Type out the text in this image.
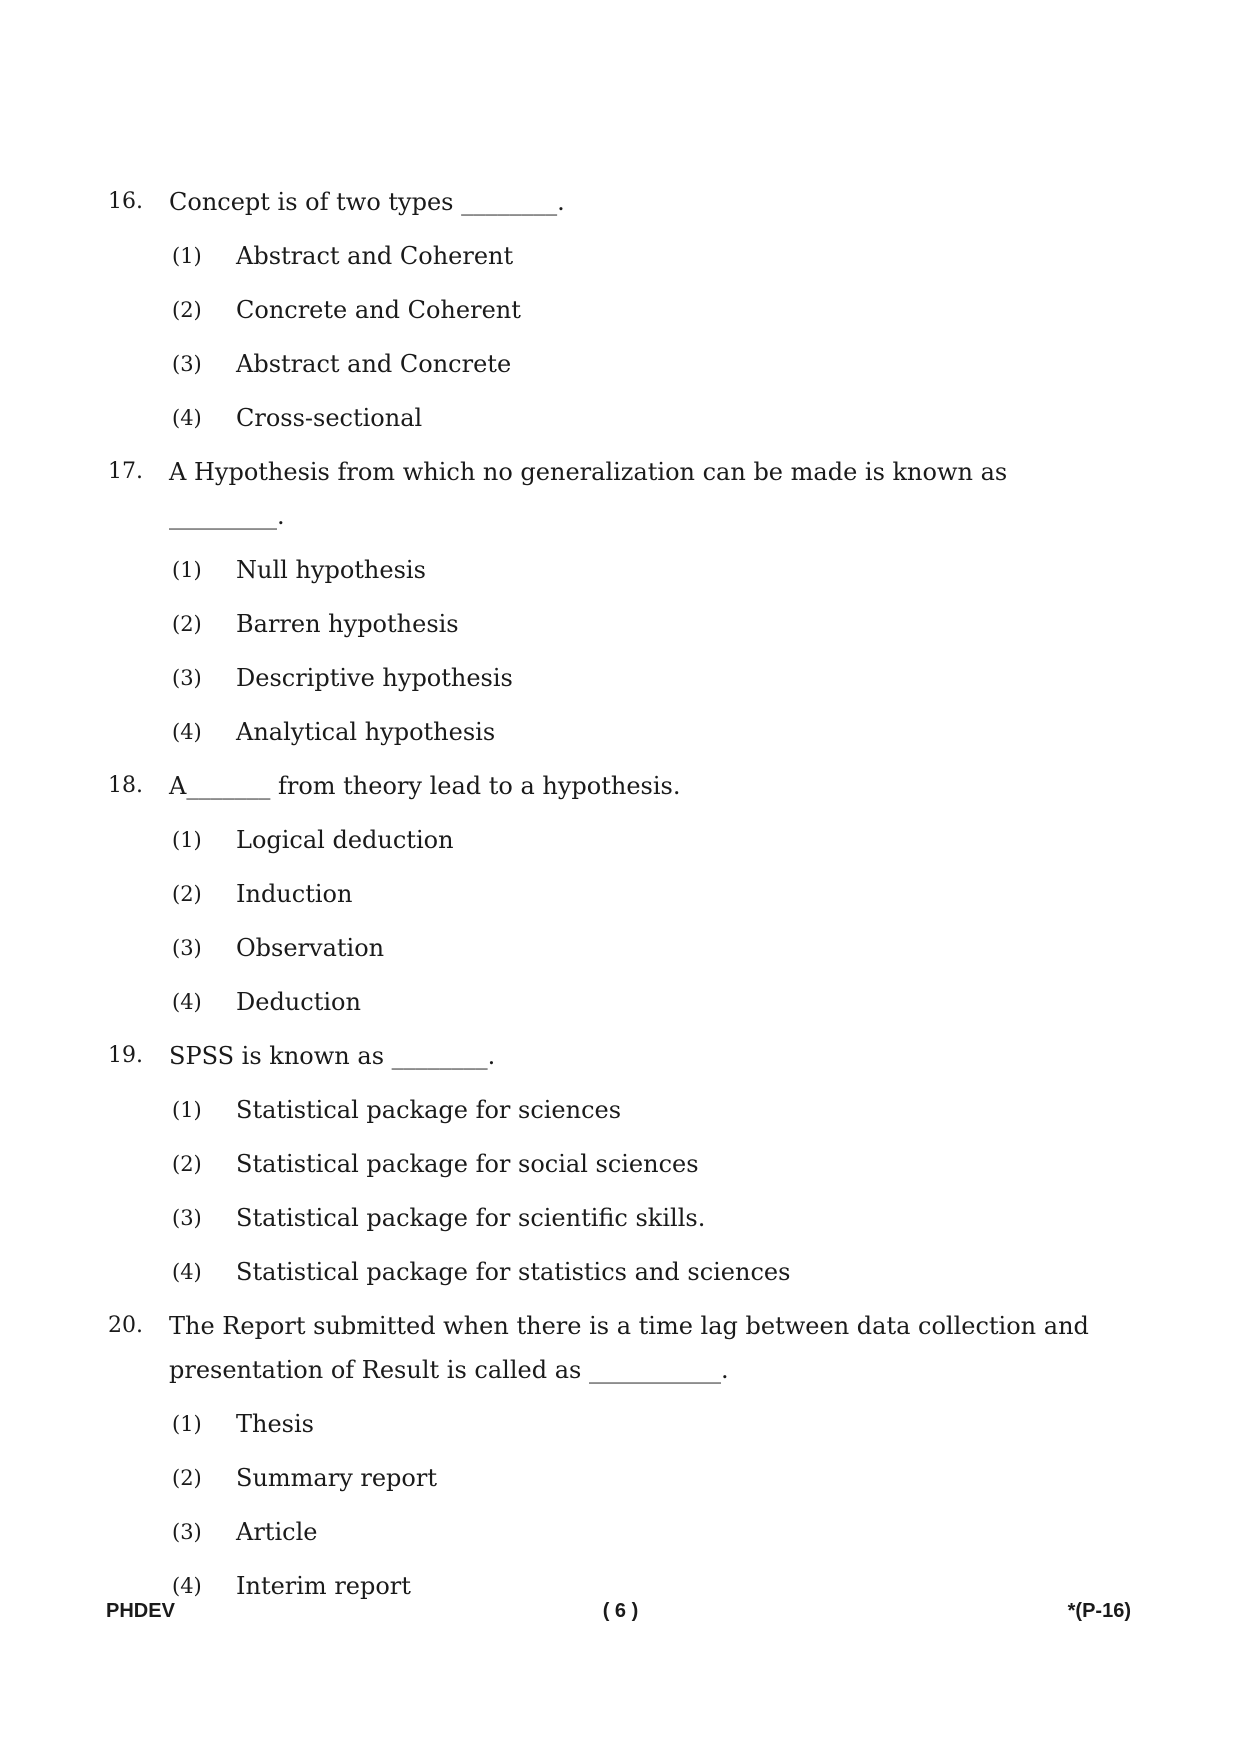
16.	Concept is of two types ________.
(1)	Abstract and Coherent
(2)	Concrete and Coherent
(3)	Abstract and Concrete
(4)	Cross-sectional
17.	A Hypothesis from which no generalization can be made is known as _________.
(1)	Null hypothesis
(2)	Barren hypothesis
(3)	Descriptive hypothesis
(4)	Analytical hypothesis
18.	A_______ from theory lead to a hypothesis.
(1)	Logical deduction
(2)	Induction
(3)	Observation
(4)	Deduction
19.	SPSS is known as ________.
(1)	Statistical package for sciences
(2)	Statistical package for social sciences
(3)	Statistical package for scientific skills.
(4)	Statistical package for statistics and sciences
20.	The Report submitted when there is a time lag between data collection and presentation of Result is called as ___________.
(1)	Thesis
(2)	Summary report
(3)	Article
(4)	Interim report
( 6 )
PHDEV	*(P-16)
